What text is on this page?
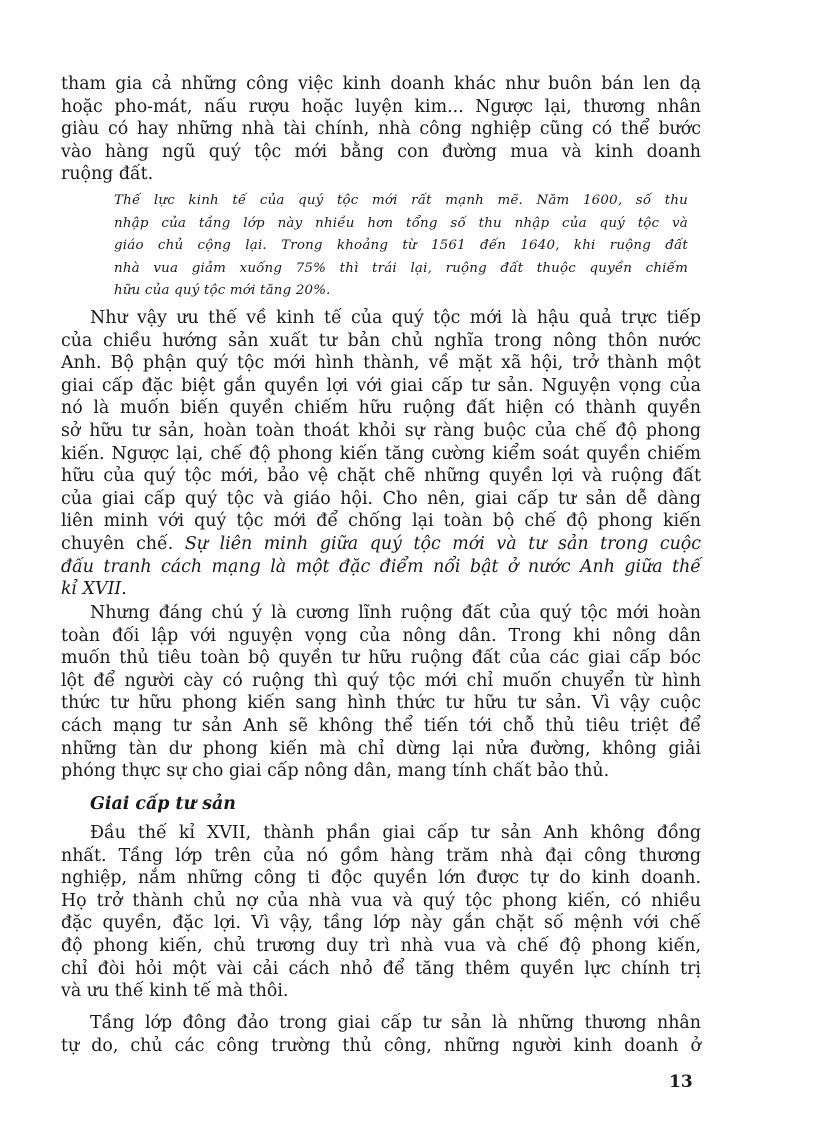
tham gia cả những công việc kinh doanh khác như buôn bán len dạ
hoặc pho-mát, nấu rượu hoặc luyện kim... Ngược lại, thương nhân
giàu có hay những nhà tài chính, nhà công nghiệp cũng có thể bước
vào hàng ngũ quý tộc mới bằng con đường mua và kinh doanh
ruộng đất.
Thế lực kinh tế của quý tộc mới rất mạnh mẽ. Năm 1600, số thu
nhập của tầng lớp này nhiều hơn tổng số thu nhập của quý tộc và
giáo chủ cộng lại. Trong khoảng từ 1561 đến 1640, khi ruộng đất
nhà vua giảm xuống 75% thì trái lại, ruộng đất thuộc quyền chiếm
hữu của quý tộc mới tăng 20%.
Như vậy ưu thế về kinh tế của quý tộc mới là hậu quả trực tiếp
của chiều hướng sản xuất tư bản chủ nghĩa trong nông thôn nước
Anh. Bộ phận quý tộc mới hình thành, về mặt xã hội, trở thành một
giai cấp đặc biệt gắn quyền lợi với giai cấp tư sản. Nguyện vọng của
nó là muốn biến quyền chiếm hữu ruộng đất hiện có thành quyền
sở hữu tư sản, hoàn toàn thoát khỏi sự ràng buộc của chế độ phong
kiến. Ngược lại, chế độ phong kiến tăng cường kiểm soát quyền chiếm
hữu của quý tộc mới, bảo vệ chặt chẽ những quyền lợi và ruộng đất
của giai cấp quý tộc và giáo hội. Cho nên, giai cấp tư sản dễ dàng
liên minh với quý tộc mới để chống lại toàn bộ chế độ phong kiến
chuyên chế. Sự liên minh giữa quý tộc mới và tư sản trong cuộc
đấu tranh cách mạng là một đặc điểm nổi bật ở nước Anh giữa thế
kỉ XVII.
Nhưng đáng chú ý là cương lĩnh ruộng đất của quý tộc mới hoàn
toàn đối lập với nguyện vọng của nông dân. Trong khi nông dân
muốn thủ tiêu toàn bộ quyền tư hữu ruộng đất của các giai cấp bóc
lột để người cày có ruộng thì quý tộc mới chỉ muốn chuyển từ hình
thức tư hữu phong kiến sang hình thức tư hữu tư sản. Vì vậy cuộc
cách mạng tư sản Anh sẽ không thể tiến tới chỗ thủ tiêu triệt để
những tàn dư phong kiến mà chỉ dừng lại nửa đường, không giải
phóng thực sự cho giai cấp nông dân, mang tính chất bảo thủ.
Giai cấp tư sản
Đầu thế kỉ XVII, thành phần giai cấp tư sản Anh không đồng
nhất. Tầng lớp trên của nó gồm hàng trăm nhà đại công thương
nghiệp, nắm những công ti độc quyền lớn được tự do kinh doanh.
Họ trở thành chủ nợ của nhà vua và quý tộc phong kiến, có nhiều
đặc quyền, đặc lợi. Vì vậy, tầng lớp này gắn chặt số mệnh với chế
độ phong kiến, chủ trương duy trì nhà vua và chế độ phong kiến,
chỉ đòi hỏi một vài cải cách nhỏ để tăng thêm quyền lực chính trị
và ưu thế kinh tế mà thôi.
Tầng lớp đông đảo trong giai cấp tư sản là những thương nhân
tự do, chủ các công trường thủ công, những người kinh doanh ở
13
